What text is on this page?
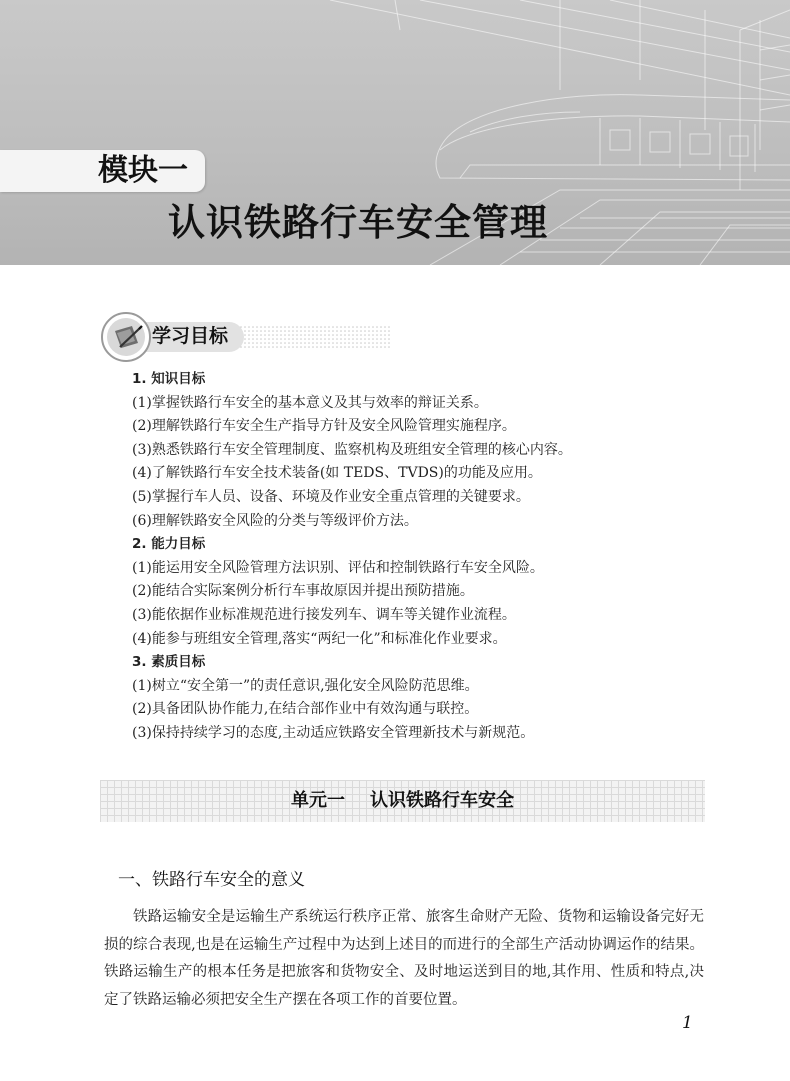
模块一
认识铁路行车安全管理
学习目标
1. 知识目标
(1)掌握铁路行车安全的基本意义及其与效率的辩证关系。
(2)理解铁路行车安全生产指导方针及安全风险管理实施程序。
(3)熟悉铁路行车安全管理制度、监察机构及班组安全管理的核心内容。
(4)了解铁路行车安全技术装备(如 TEDS、TVDS)的功能及应用。
(5)掌握行车人员、设备、环境及作业安全重点管理的关键要求。
(6)理解铁路安全风险的分类与等级评价方法。
2. 能力目标
(1)能运用安全风险管理方法识别、评估和控制铁路行车安全风险。
(2)能结合实际案例分析行车事故原因并提出预防措施。
(3)能依据作业标准规范进行接发列车、调车等关键作业流程。
(4)能参与班组安全管理,落实“两纪一化”和标准化作业要求。
3. 素质目标
(1)树立“安全第一”的责任意识,强化安全风险防范思维。
(2)具备团队协作能力,在结合部作业中有效沟通与联控。
(3)保持持续学习的态度,主动适应铁路安全管理新技术与新规范。
单元一    认识铁路行车安全
一、铁路行车安全的意义
铁路运输安全是运输生产系统运行秩序正常、旅客生命财产无险、货物和运输设备完好无损的综合表现,也是在运输生产过程中为达到上述目的而进行的全部生产活动协调运作的结果。铁路运输生产的根本任务是把旅客和货物安全、及时地运送到目的地,其作用、性质和特点,决定了铁路运输必须把安全生产摆在各项工作的首要位置。
1
